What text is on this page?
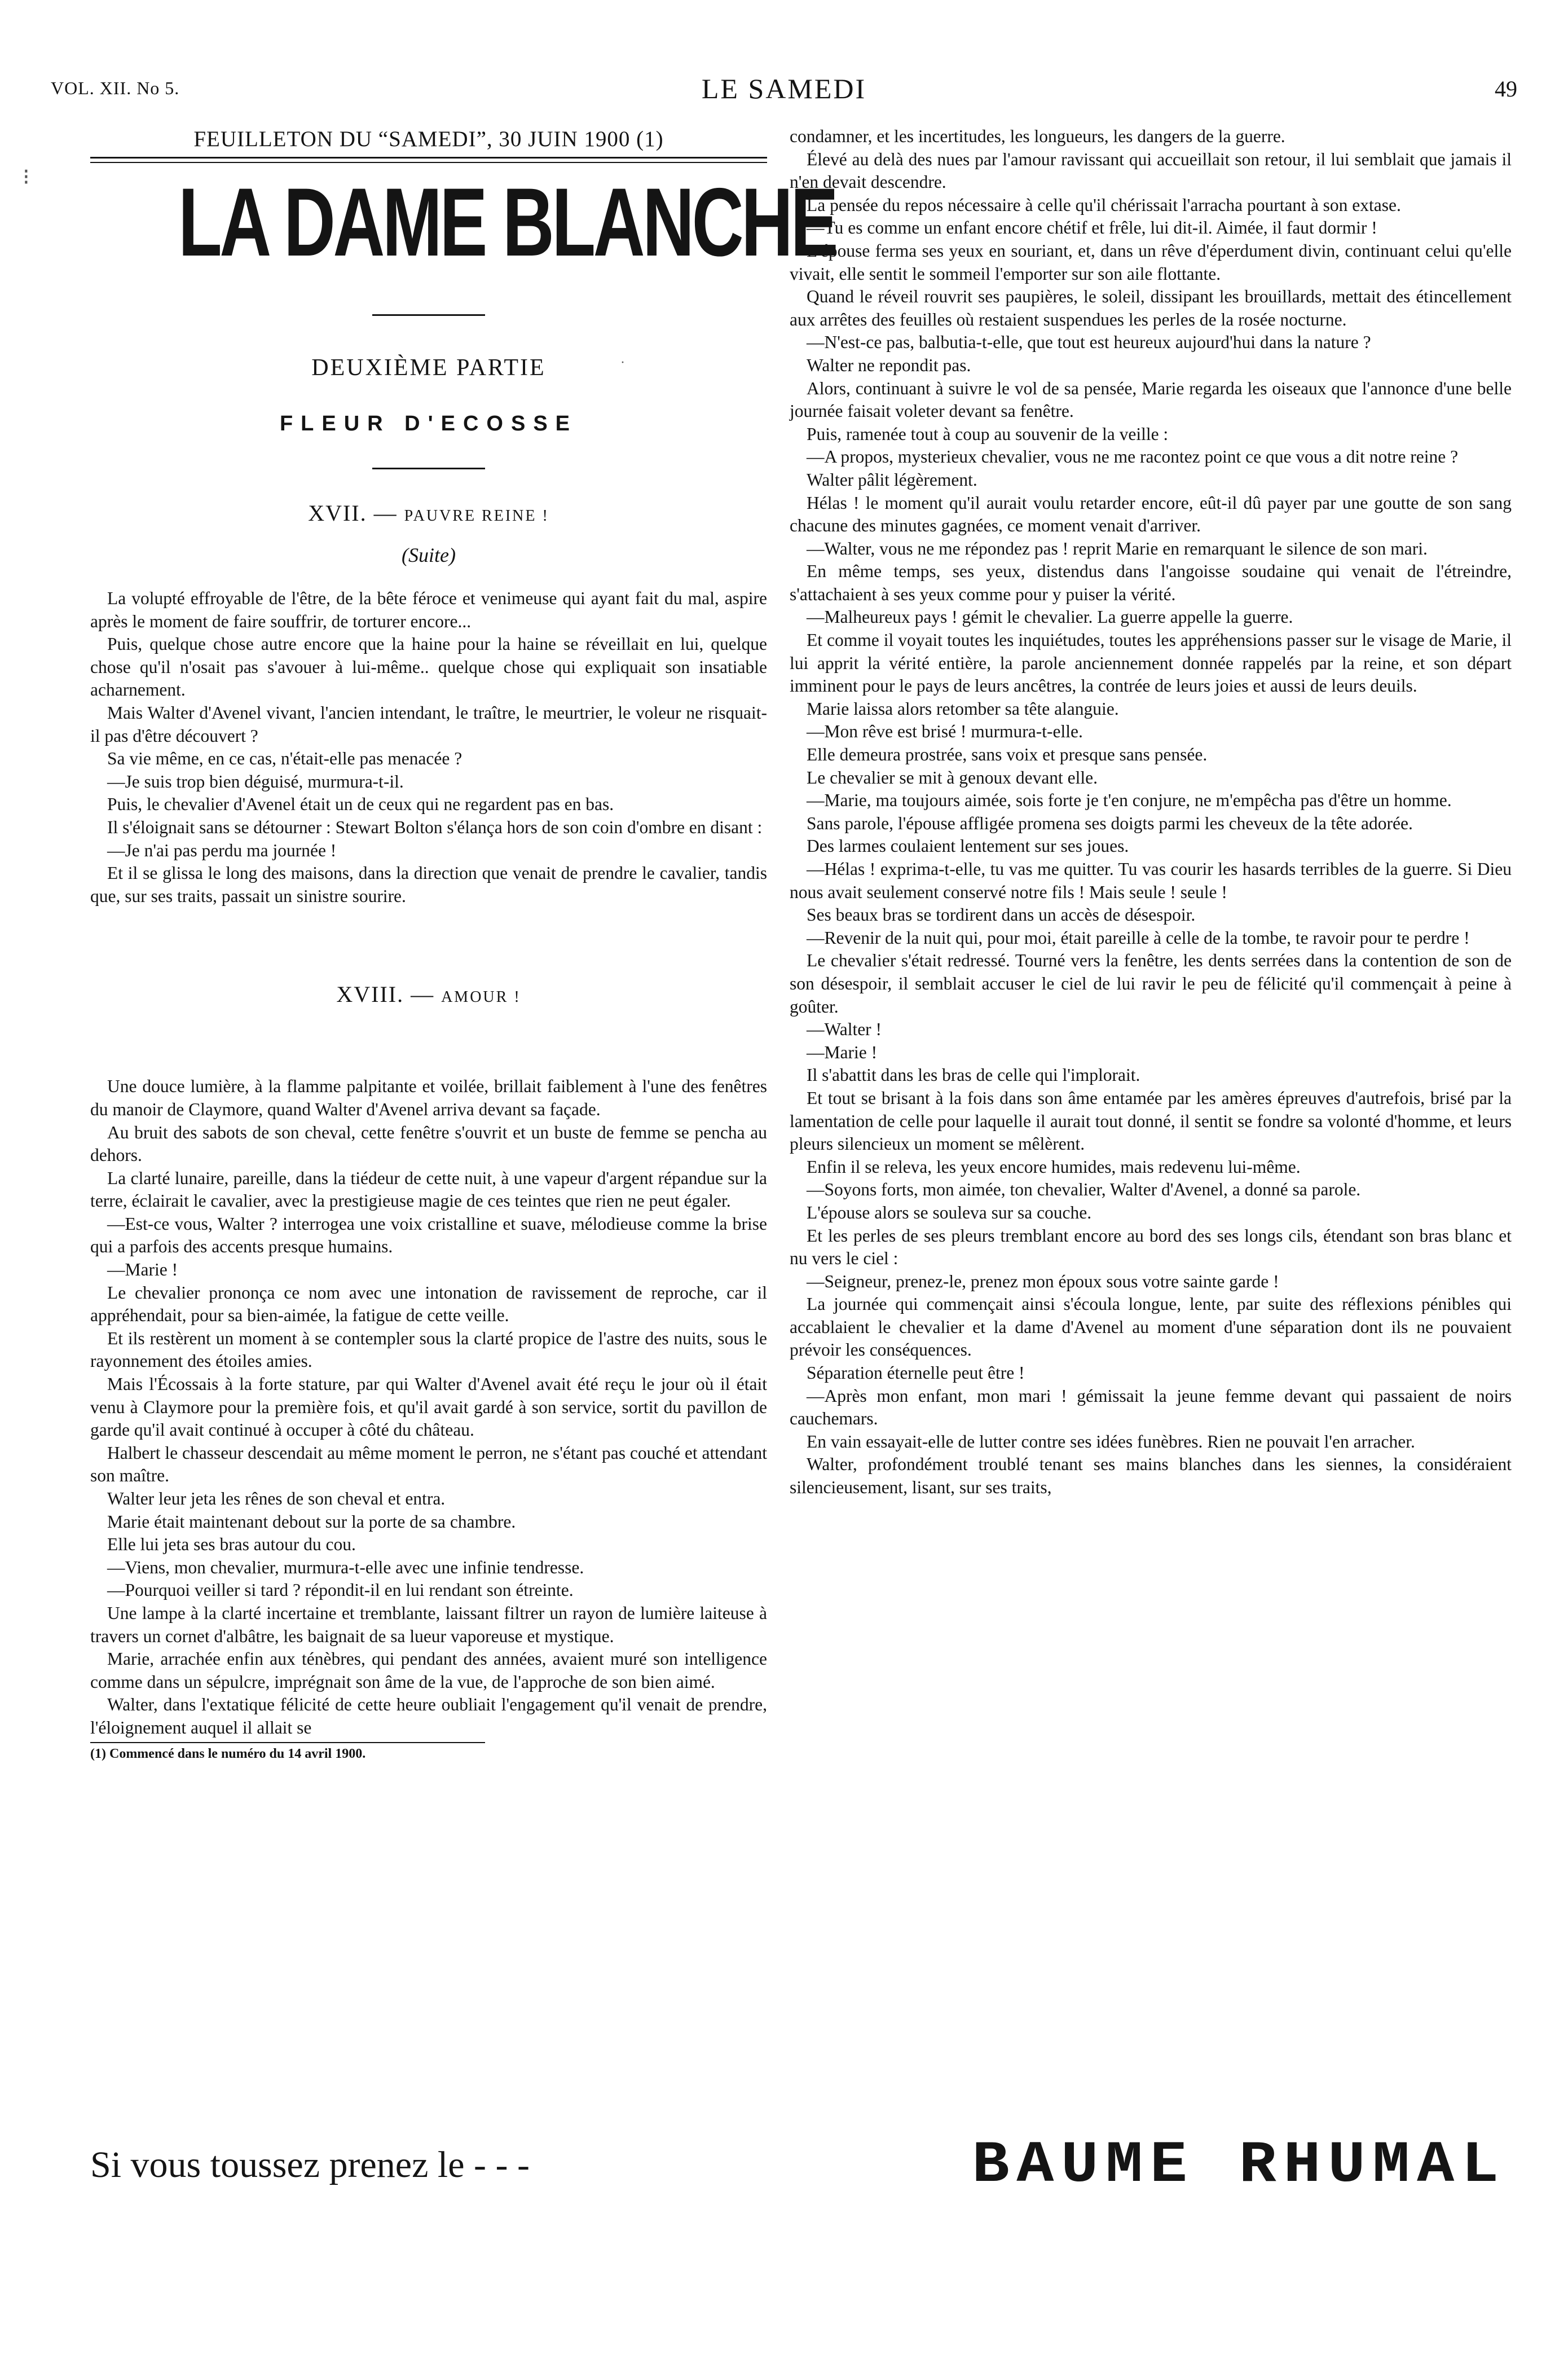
VOL. XII. No 5.	LE SAMEDI	49
⁝
·

FEUILLETON DU “SAMEDI”, 30 JUIN 1900 (1)

LA DAME BLANCHE

DEUXIÈME PARTIE

FLEUR D'ECOSSE

XVII. — PAUVRE REINE !

(Suite)

La volupté effroyable de l'être, de la bête féroce et venimeuse qui ayant fait du mal, aspire après le moment de faire souffrir, de torturer encore...

Puis, quelque chose autre encore que la haine pour la haine se réveillait en lui, quelque chose qu'il n'osait pas s'avouer à lui-même.. quelque chose qui expliquait son insatiable acharnement.

Mais Walter d'Avenel vivant, l'ancien intendant, le traître, le meurtrier, le voleur ne risquait-il pas d'être découvert ?

Sa vie même, en ce cas, n'était-elle pas menacée ?

—Je suis trop bien déguisé, murmura-t-il.

Puis, le chevalier d'Avenel était un de ceux qui ne regardent pas en bas.

Il s'éloignait sans se détourner : Stewart Bolton s'élança hors de son coin d'ombre en disant :

—Je n'ai pas perdu ma journée !

Et il se glissa le long des maisons, dans la direction que venait de prendre le cavalier, tandis que, sur ses traits, passait un sinistre sourire.

XVIII. — AMOUR !

Une douce lumière, à la flamme palpitante et voilée, brillait faiblement à l'une des fenêtres du manoir de Claymore, quand Walter d'Avenel arriva devant sa façade.

Au bruit des sabots de son cheval, cette fenêtre s'ouvrit et un buste de femme se pencha au dehors.

La clarté lunaire, pareille, dans la tiédeur de cette nuit, à une vapeur d'argent répandue sur la terre, éclairait le cavalier, avec la prestigieuse magie de ces teintes que rien ne peut égaler.

—Est-ce vous, Walter ? interrogea une voix cristalline et suave, mélodieuse comme la brise qui a parfois des accents presque humains.

—Marie !

Le chevalier prononça ce nom avec une intonation de ravissement de reproche, car il appréhendait, pour sa bien-aimée, la fatigue de cette veille.

Et ils restèrent un moment à se contempler sous la clarté propice de l'astre des nuits, sous le rayonnement des étoiles amies.

Mais l'Écossais à la forte stature, par qui Walter d'Avenel avait été reçu le jour où il était venu à Claymore pour la première fois, et qu'il avait gardé à son service, sortit du pavillon de garde qu'il avait continué à occuper à côté du château.

Halbert le chasseur descendait au même moment le perron, ne s'étant pas couché et attendant son maître.

Walter leur jeta les rênes de son cheval et entra.

Marie était maintenant debout sur la porte de sa chambre.

Elle lui jeta ses bras autour du cou.

—Viens, mon chevalier, murmura-t-elle avec une infinie tendresse.

—Pourquoi veiller si tard ? répondit-il en lui rendant son étreinte.

Une lampe à la clarté incertaine et tremblante, laissant filtrer un rayon de lumière laiteuse à travers un cornet d'albâtre, les baignait de sa lueur vaporeuse et mystique.

Marie, arrachée enfin aux ténèbres, qui pendant des années, avaient muré son intelligence comme dans un sépulcre, imprégnait son âme de la vue, de l'approche de son bien aimé.

Walter, dans l'extatique félicité de cette heure oubliait l'engagement qu'il venait de prendre, l'éloignement auquel il allait se

(1) Commencé dans le numéro du 14 avril 1900.

condamner, et les incertitudes, les longueurs, les dangers de la guerre.

Élevé au delà des nues par l'amour ravissant qui accueillait son retour, il lui semblait que jamais il n'en devait descendre.

La pensée du repos nécessaire à celle qu'il chérissait l'arracha pourtant à son extase.

—Tu es comme un enfant encore chétif et frêle, lui dit-il. Aimée, il faut dormir !

L'épouse ferma ses yeux en souriant, et, dans un rêve d'éperdument divin, continuant celui qu'elle vivait, elle sentit le sommeil l'emporter sur son aile flottante.

Quand le réveil rouvrit ses paupières, le soleil, dissipant les brouillards, mettait des étincellement aux arrêtes des feuilles où restaient suspendues les perles de la rosée nocturne.

—N'est-ce pas, balbutia-t-elle, que tout est heureux aujourd'hui dans la nature ?

Walter ne repondit pas.

Alors, continuant à suivre le vol de sa pensée, Marie regarda les oiseaux que l'annonce d'une belle journée faisait voleter devant sa fenêtre.

Puis, ramenée tout à coup au souvenir de la veille :

—A propos, mysterieux chevalier, vous ne me racontez point ce que vous a dit notre reine ?

Walter pâlit légèrement.

Hélas ! le moment qu'il aurait voulu retarder encore, eût-il dû payer par une goutte de son sang chacune des minutes gagnées, ce moment venait d'arriver.

—Walter, vous ne me répondez pas ! reprit Marie en remarquant le silence de son mari.

En même temps, ses yeux, distendus dans l'angoisse soudaine qui venait de l'étreindre, s'attachaient à ses yeux comme pour y puiser la vérité.

—Malheureux pays ! gémit le chevalier. La guerre appelle la guerre.

Et comme il voyait toutes les inquiétudes, toutes les appréhensions passer sur le visage de Marie, il lui apprit la vérité entière, la parole anciennement donnée rappelés par la reine, et son départ imminent pour le pays de leurs ancêtres, la contrée de leurs joies et aussi de leurs deuils.

Marie laissa alors retomber sa tête alanguie.

—Mon rêve est brisé ! murmura-t-elle.

Elle demeura prostrée, sans voix et presque sans pensée.

Le chevalier se mit à genoux devant elle.

—Marie, ma toujours aimée, sois forte je t'en conjure, ne m'empêcha pas d'être un homme.

Sans parole, l'épouse affligée promena ses doigts parmi les cheveux de la tête adorée.

Des larmes coulaient lentement sur ses joues.

—Hélas ! exprima-t-elle, tu vas me quitter. Tu vas courir les hasards terribles de la guerre. Si Dieu nous avait seulement conservé notre fils ! Mais seule ! seule !

Ses beaux bras se tordirent dans un accès de désespoir.

—Revenir de la nuit qui, pour moi, était pareille à celle de la tombe, te ravoir pour te perdre !

Le chevalier s'était redressé. Tourné vers la fenêtre, les dents serrées dans la contention de son de son désespoir, il semblait accuser le ciel de lui ravir le peu de félicité qu'il commençait à peine à goûter.

—Walter !

—Marie !

Il s'abattit dans les bras de celle qui l'implorait.

Et tout se brisant à la fois dans son âme entamée par les amères épreuves d'autrefois, brisé par la lamentation de celle pour laquelle il aurait tout donné, il sentit se fondre sa volonté d'homme, et leurs pleurs silencieux un moment se mêlèrent.

Enfin il se releva, les yeux encore humides, mais redevenu lui-même.

—Soyons forts, mon aimée, ton chevalier, Walter d'Avenel, a donné sa parole.

L'épouse alors se souleva sur sa couche.

Et les perles de ses pleurs tremblant encore au bord des ses longs cils, étendant son bras blanc et nu vers le ciel :

—Seigneur, prenez-le, prenez mon époux sous votre sainte garde !

La journée qui commençait ainsi s'écoula longue, lente, par suite des réflexions pénibles qui accablaient le chevalier et la dame d'Avenel au moment d'une séparation dont ils ne pouvaient prévoir les conséquences.

Séparation éternelle peut être !

—Après mon enfant, mon mari ! gémissait la jeune femme devant qui passaient de noirs cauchemars.

En vain essayait-elle de lutter contre ses idées funèbres. Rien ne pouvait l'en arracher.

Walter, profondément troublé tenant ses mains blanches dans les siennes, la considéraient silencieusement, lisant, sur ses traits,

Si vous toussez prenez le - - -	BAUME RHUMAL
